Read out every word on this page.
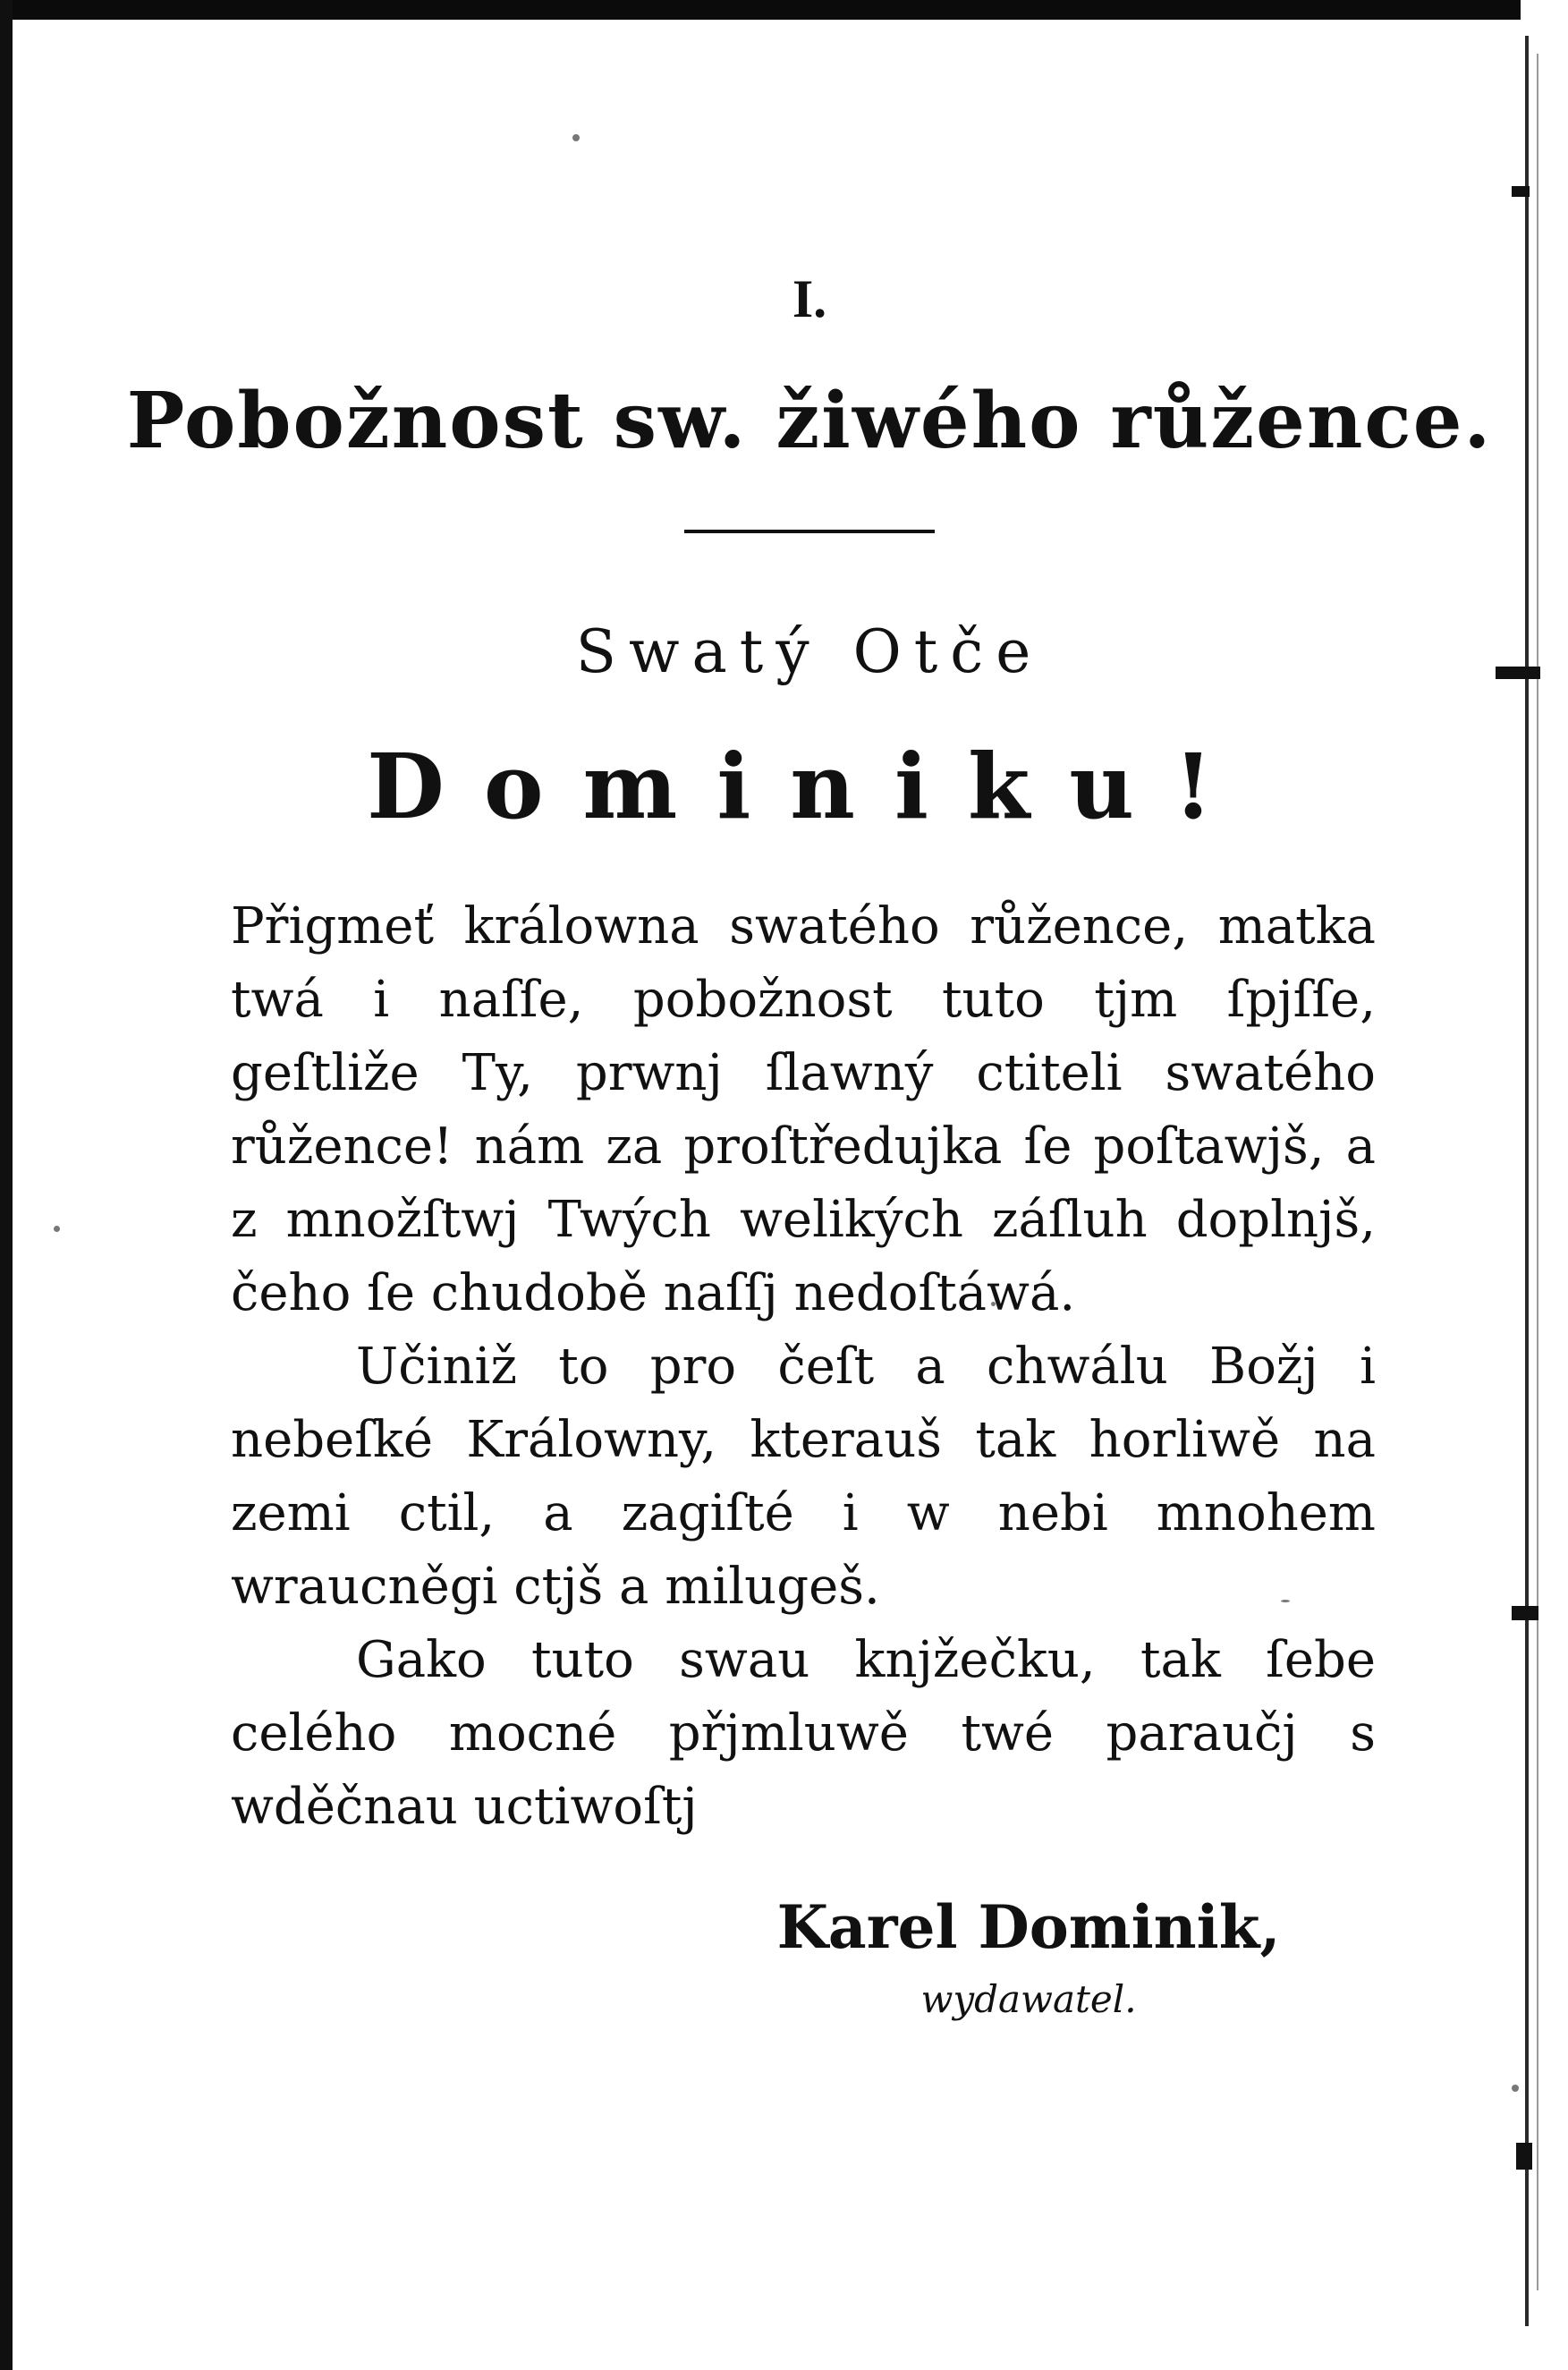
I.
Pobožnost sw. žiwého růžence.
Swatý Otče
Dominiku!

Přigmeť králowna swatého růžence, matka twá i naſſe, pobožnost tuto tjm ſpjſſe, geſtliže Ty, prwnj ſlawný ctiteli swatého růžence! nám za proſtředujka ſe poſtawjš, a z množſtwj Twých welikých záſluh doplnjš, čeho ſe chudobě naſſj nedoſtáwá.

Učiniž to pro čeſt a chwálu Božj i nebeſké Králowny, kterauš tak horliwě na zemi ctil, a zagiſté i w nebi mnohem wraucněgi ctjš a milugeš.

Gako tuto swau knjžečku, tak ſebe celého mocné přjmluwě twé paraučj s wděčnau uctiwoſtj

Karel Dominik,
wydawatel.
